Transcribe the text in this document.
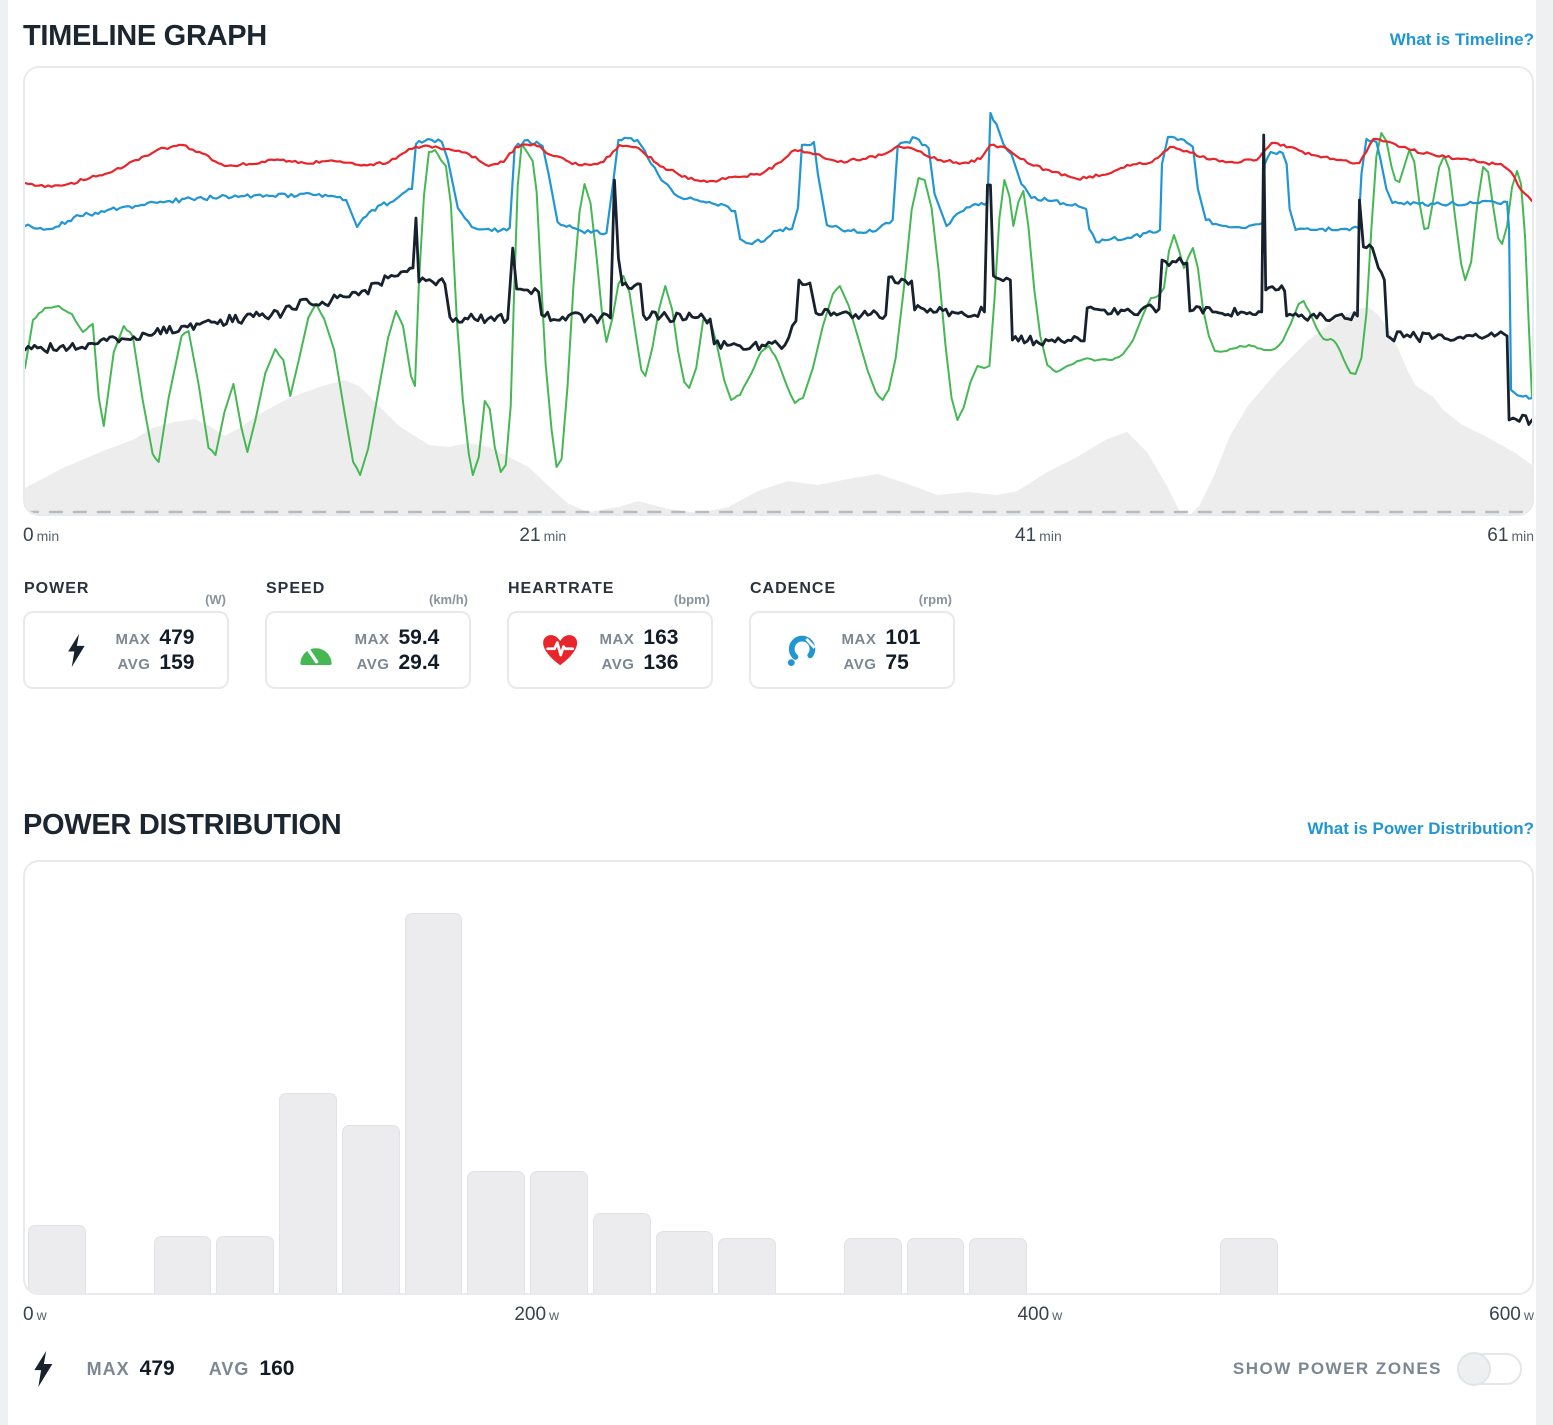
TIMELINE GRAPH	What is Timeline?
0 min	21 min	41 min	61 min
POWER
(W)
MAX 479
AVG 159
SPEED
(km/h)
MAX 59.4
AVG 29.4
HEARTRATE
(bpm)
MAX 163
AVG 136
CADENCE
(rpm)
MAX 101
AVG 75
POWER DISTRIBUTION	What is Power Distribution?
0 w	200 w	400 w	600 w
MAX 479 AVG 160	SHOW POWER ZONES
